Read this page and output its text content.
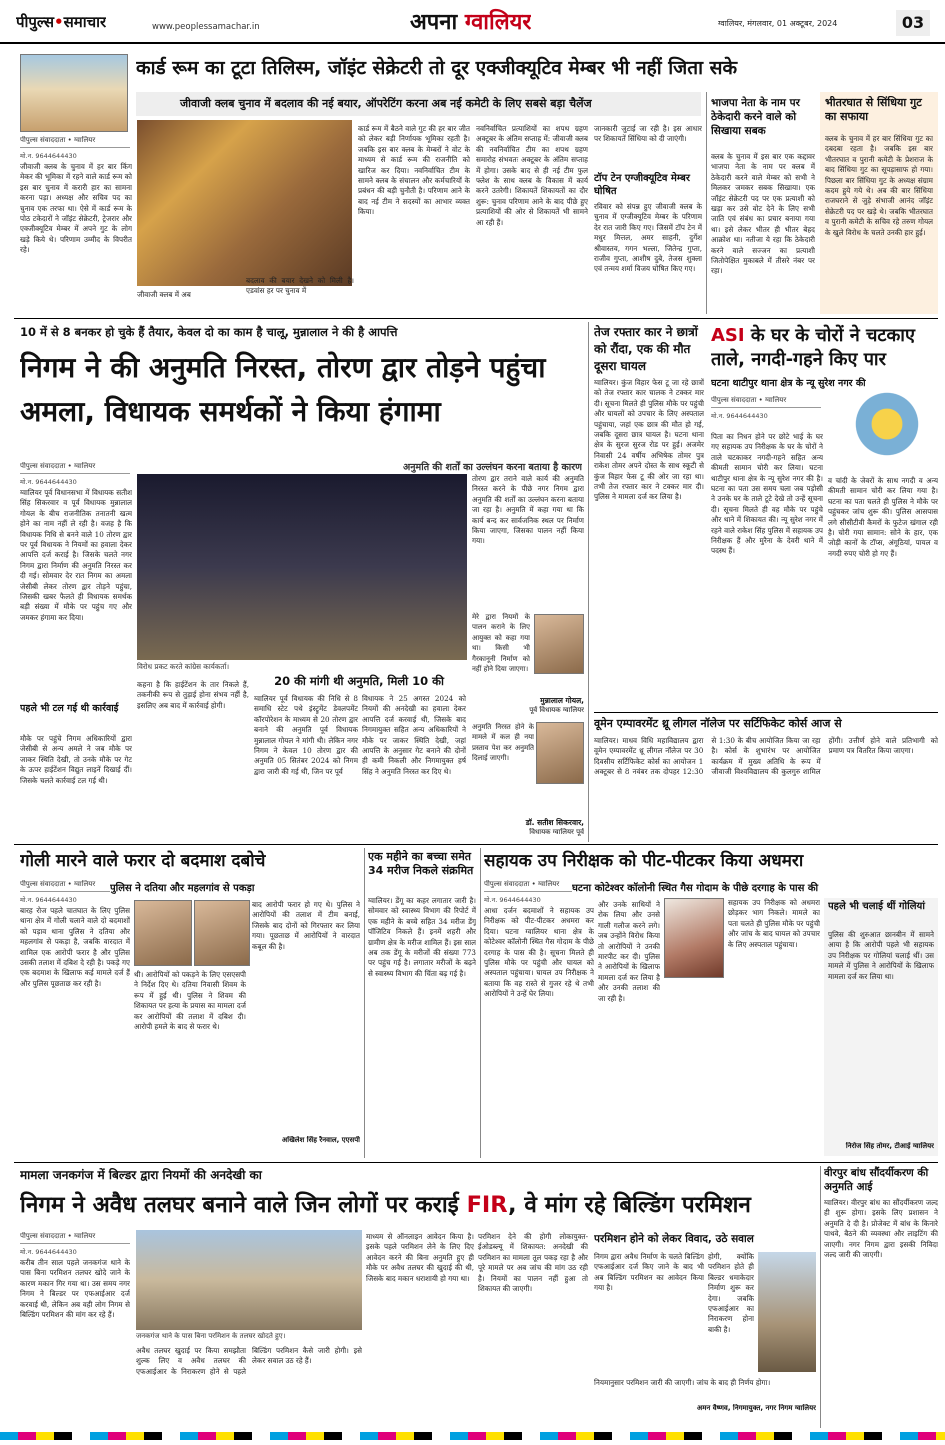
पीपुल्स•समाचार	www.peoplessamachar.in	अपना ग्वालियर	ग्वालियर, मंगलवार, 01 अक्टूबर, 2024	03
कार्ड रूम का टूटा तिलिस्म, जॉइंट सेक्रेटरी तो दूर एक्जीक्यूटिव मेम्बर भी नहीं जिता सके
जीवाजी क्लब चुनाव में बदलाव की नई बयार, ऑपरेटिंग करना अब नई कमेटी के लिए सबसे बड़ा चैलेंज
पीपुल्स संवाददाता • ग्वालियर
मो.न. 9644644430
जीवाजी क्लब के चुनाव में हर बार किंग मेकर की भूमिका में रहने वाले कार्ड रूम को इस बार चुनाव में करारी हार का सामना करना पड़ा। अध्यक्ष और सचिव पद का चुनाव एक तरफा था। ऐसे में कार्ड रूम के पोठ टकेदारों ने जॉइंट सेक्रेटरी, ट्रेजरार और एक्जीक्यूटिव मेम्बर में अपने गुट के लोग खड़े किये थे। परिणाम उम्मीद के विपरीत रहे।
जीवाजी क्लब में अब
बदलाव की बयार देखने को मिली है। एडवांस हर पर चुनाव में
कार्ड रूम में बैठने वाले गुट की हर बार जीत को लेकर बड़ी निर्णायक भूमिका रहती है। जबकि इस बार क्लब के मेम्बरों ने वोट के माध्यम से कार्ड रूम की राजनीति को खारिज कर दिया। नवनिर्वाचित टीम के सामने क्लब के संचालन और कर्मचारियों के प्रबंधन की बड़ी चुनौती है। परिणाम आने के बाद नई टीम ने सदस्यों का आभार व्यक्त किया।
नवनिर्वाचित प्रत्याशियों का शपथ ग्रहण अक्टूबर के अंतिम सप्ताह में: जीवाजी क्लब की नवनिर्वाचित टीम का शपथ ग्रहण समारोह संभवतः अक्टूबर के अंतिम सप्ताह में होगा। उसके बाद से ही नई टीम फुल फ्लेश के साथ क्लब के विकास में कार्य करने उतरेगी। शिकायतें शिकायतों का दौर शुरू: चुनाव परिणाम आने के बाद पीछे हुए प्रत्याशियों की ओर से शिकायतें भी सामने आ रही हैं।
जानकारी जुटाई जा रही है। इस आधार पर शिकायतें सिंधिया को दी जाएंगी।
टॉप टेन एग्जीक्यूटिव मेम्बर घोषित
रविवार को संपन्न हुए जीवाजी क्लब के चुनाव में एग्जीक्यूटिव मेम्बर के परिणाम देर रात जारी किए गए। जिसमें टॉप टेन में मधुर मित्तल, अमर साहनी, दुर्गेश श्रीवास्तव, गगन भल्ला, जितेन्द्र गुप्ता, राजीव गुप्ता, आशीष दुबे, तेजस शुक्ला एवं तन्मय शर्मा विजय घोषित किए गए।
भाजपा नेता के नाम पर ठेकेदारी करने वाले को सिखाया सबक
क्लब के चुनाव में इस बार एक कद्दावर भाजपा नेता के नाम पर क्लब में ठेकेदारी करने वाले मेम्बर को सभी ने मिलकर जमकर सबक सिखाया। एक जॉइंट सेक्रेटरी पद पर एक प्रत्याशी को खड़ा कर उसे वोट देने के लिए सभी जाति एवं संबंध का प्रचार बनाया गया था। इसे लेकर भीतर ही भीतर बेहद आक्रोश था। नतीजा ये रहा कि ठेकेदारी करने वाले सज्जन का प्रत्याशी जितोपेक्षित मुकाबले में तीसरे नंबर पर रहा।
भीतरघात से सिंधिया गुट का सफाया
क्लब के चुनाव में हर बार सिंधिया गुट का दबदबा रहता है। जबकि इस बार भीतरघात व पुरानी कमेटी के प्रेशराज के बाद सिंधिया गुट का सूपड़ासाफ हो गया। पिछला बार सिंधिया गुट के अध्यक्ष संग्राम कदम हुये गये थे। अब की बार सिंधिया राजघराने से जुड़े संभाजी आनंद जॉइंट सेक्रेटरी पद पर खड़े थे। जबकि भीतरघात व पुरानी कमेटी के सचिव रहे तरुण गोयल के खुले विरोध के चलते उनकी हार हुई।
10 में से 8 बनकर हो चुके हैं तैयार, केवल दो का काम है चालू, मुन्नालाल ने की है आपत्ति
निगम ने की अनुमति निरस्त, तोरण द्वार तोड़ने पहुंचा अमला, विधायक समर्थकों ने किया हंगामा
पीपुल्स संवाददाता • ग्वालियर
मो.न. 9644644430
ग्वालियर पूर्व विधानसभा में विधायक सतीश सिंह सिकरवार व पूर्व विधायक मुन्नालाल गोयल के बीच राजनीतिक तनातनी खत्म होने का नाम नहीं ले रही है। वजह है कि विधायक निधि से बनने वाले 10 तोरण द्वार पर पूर्व विधायक ने नियमों का हवाला देकर आपत्ति दर्ज कराई है। जिसके चलते नगर निगम द्वारा निर्माण की अनुमति निरस्त कर दी गई। सोमवार देर रात निगम का अमला जेसीबी लेकर तोरण द्वार तोड़ने पहुंचा, जिसकी खबर फैलते ही विधायक समर्थक बड़ी संख्या में मौके पर पहुंच गए और जमकर हंगामा कर दिया।
पहले भी टल गई थी कार्रवाई
मौके पर पहुंचे निगम अधिकारियों द्वारा जेसीबी से अन्य अमले ने जब मौके पर जाकर स्थिति देखी, तो उनके मौके पर गेट के ऊपर हाईटेंशन विद्युत लाइनें दिखाई दीं। जिसके चलते कार्रवाई टल गई थी।
अनुमति की शर्तों का उल्लंघन करना बताया है कारण
विरोध प्रकट करते कांग्रेस कार्यकर्ता।
कहना है कि हाईटेंशन के तार निकले हैं, तकनीकी रूप से तुड़ाई होना संभव नहीं है, इसलिए अब बाद में कार्रवाई होगी।
20 की मांगी थी अनुमति, मिली 10 की
ग्वालियर पूर्व विधायक की निधि से 8 समाधि स्टेट पथे इंस्ट्रुमेंट डेवलपमेंट कॉरपोरेशन के माध्यम से 20 तोरण द्वार बनाने की अनुमति पूर्व विधायक मुन्नालाल गोयल ने मांगी थी। लेकिन नगर निगम ने केवल 10 तोरण द्वार की अनुमति 05 सितंबर 2024 को निगम द्वारा जारी की गई थी, जिन पर पूर्व
विधायक ने 25 अगस्त 2024 को नियमों की अनदेखी का हवाला देकर आपत्ति दर्ज करवाई थी, जिसके बाद निगमायुक्त सहित अन्य अधिकारियों ने मौके पर जाकर स्थिति देखी, जहां आपत्ति के अनुसार गेट बनाने की दोनों ही कमी निकली और निगमायुक्त हर्ष सिंह ने अनुमति निरस्त कर दिए थे।
तोरण द्वार तराने वाले कार्य की अनुमति निरस्त करने के पीछे नगर निगम द्वारा अनुमति की शर्तों का उल्लंघन करना बताया जा रहा है। अनुमति में कहा गया था कि कार्य बन्द कर सार्वजनिक स्थल पर निर्माण किया जाएगा, जिसका पालन नहीं किया गया।
मेरे द्वारा नियमों के पालन कराने के लिए आयुक्त को कहा गया था। किसी भी गैरकानूनी निर्माण को नहीं होने दिया जाएगा।
मुन्नालाल गोयल,
पूर्व विधायक ग्वालियर
अनुमति निरस्त होने के मामले में कल ही नया प्रस्ताव पेश कर अनुमति दिलाई जाएगी।
डॉ. सतीश सिकरवार,
विधायक ग्वालियर पूर्व
तेज रफ्तार कार ने छात्रों को रौंदा, एक की मौत दूसरा घायल
ग्वालियर। कुंज विहार फेस टू जा रहे छात्रों को तेज रफ्तार कार चालक ने टक्कर मार दी। सूचना मिलते ही पुलिस मौके पर पहुंची और घायलों को उपचार के लिए अस्पताल पहुंचाया, जहां एक छात्र की मौत हो गई, जबकि दूसरा छात्र घायल है। घटना थाना क्षेत्र के सुरज सुरज रोड पर हुई। अजमेर निवासी 24 वर्षीय अभिषेक तोमर पुत्र राकेश तोमर अपने दोस्त के साथ स्कूटी से कुंज विहार फेस टू की ओर जा रहा था। तभी तेज रफ्तार कार ने टक्कर मार दी। पुलिस ने मामला दर्ज कर लिया है।
ASI के घर के चोरों ने चटकाए ताले, नगदी-गहने किए पार
घटना थाटीपुर थाना क्षेत्र के न्यू सुरेश नगर की
पीपुल्स संवाददाता • ग्वालियर
मो.न. 9644644430
पिता का निधन होने पर छोटे भाई के घर गए सहायक उप निरीक्षक के घर के चोरों ने ताले चटकाकर नगदी-गहने सहित अन्य कीमती सामान चोरी कर लिया। घटना थाटीपुर थाना क्षेत्र के न्यू सुरेश नगर की है। घटना का पता उस समय चला जब पड़ोसी ने उनके घर के ताले टूटे देखे तो उन्हें सूचना दी। सूचना मिलते ही वह मौके पर पहुंचे और थाने में शिकायत की। न्यू सुरेश नगर में रहने वाले राकेश सिंह पुलिस में सहायक उप निरीक्षक हैं और मुरैना के देवरी थाने में पदस्थ हैं।
व चांदी के जेवरों के साथ नगदी व अन्य कीमती सामान चोरी कर लिया गया है। घटना का पता चलते ही पुलिस ने मौके पर पहुंचकर जांच शुरू की। पुलिस आसपास लगे सीसीटीवी कैमरों के फुटेज खंगाल रही है। चोरी गया सामान: सोने के हार, एक जोड़ी कानों के टॉप्स, अंगूठियां, पायल व नगदी रुपए चोरी हो गए हैं।
वूमेन एम्पावरमेंट थ्रू लीगल नॉलेज पर सर्टिफिकेट कोर्स आज से
ग्वालियर। माधव विधि महाविद्यालय द्वारा वूमेन एम्पावरमेंट थ्रू लीगल नॉलेज पर 30 दिवसीय सर्टिफिकेट कोर्स का आयोजन 1 अक्टूबर से 8 नवंबर तक दोपहर 12:30 से 1:30 के बीच आयोजित किया जा रहा है। कोर्स के शुभारंभ पर आयोजित कार्यक्रम में मुख्य अतिथि के रूप में जीवाजी विश्वविद्यालय की कुलगुरु शामिल होंगी। उत्तीर्ण होने वाले प्रतिभागी को प्रमाण पत्र वितरित किया जाएगा।
गोली मारने वाले फरार दो बदमाश दबोचे
पुलिस ने दतिया और महलगांव से पकड़ा
पीपुल्स संवाददाता • ग्वालियर
मो.न. 9644644430
बारह रोज पहले चातघात के लिए पुलिस थाना क्षेत्र में गोली चलाने वाले दो बदमाशों को पड़ाव थाना पुलिस ने दतिया और महलगांव से पकड़ा है, जबकि वारदात में शामिल एक आरोपी फरार है और पुलिस उसकी तलाश में दबिश दे रही है। पकड़े गए एक बदमाश के खिलाफ कई मामले दर्ज हैं और पुलिस पूछताछ कर रही है।
थी। आरोपियों को पकड़ने के लिए एसएसपी ने निर्देश दिए थे। दतिया निवासी शिवम के रूप में हुई थी। पुलिस ने शिवम की शिकायत पर हत्या के प्रयास का मामला दर्ज कर आरोपियों की तलाश में दबिश दी। आरोपी हमले के बाद से फरार थे।
बाद आरोपी फरार हो गए थे। पुलिस ने आरोपियों की तलाश में टीम बनाई, जिसके बाद दोनों को गिरफ्तार कर लिया गया। पूछताछ में आरोपियों ने वारदात कबूल की है।
अखिलेश सिंह रैनवाल, एएसपी
एक महीने का बच्चा समेत 34 मरीज निकले संक्रमित
ग्वालियर। डेंगू का कहर लगातार जारी है। सोमवार को स्वास्थ्य विभाग की रिपोर्ट में एक महीने के बच्चे सहित 34 मरीज डेंगू पॉजिटिव निकले हैं। इनमें शहरी और ग्रामीण क्षेत्र के मरीज शामिल हैं। इस साल अब तक डेंगू के मरीजों की संख्या 773 पर पहुंच गई है। लगातार मरीजों के बढ़ने से स्वास्थ्य विभाग की चिंता बढ़ गई है।
सहायक उप निरीक्षक को पीट-पीटकर किया अधमरा
घटना कोटेश्वर कॉलोनी स्थित गैस गोदाम के पीछे दरगाह के पास की
पीपुल्स संवाददाता • ग्वालियर
मो.न. 9644644430
आधा दर्जन बदमाशों ने सहायक उप निरीक्षक को पीट-पीटकर अधमरा कर दिया। घटना ग्वालियर थाना क्षेत्र के कोटेश्वर कॉलोनी स्थित गैस गोदाम के पीछे दरगाह के पास की है। सूचना मिलते ही पुलिस मौके पर पहुंची और घायल को अस्पताल पहुंचाया। घायल उप निरीक्षक ने बताया कि वह रास्ते से गुजर रहे थे तभी आरोपियों ने उन्हें घेर लिया।
और उनके साथियों ने रोक लिया और उनसे गाली गलौज करने लगे। जब उन्होंने विरोध किया तो आरोपियों ने उनकी मारपीट कर दी। पुलिस ने आरोपियों के खिलाफ मामला दर्ज कर लिया है और उनकी तलाश की जा रही है।
सहायक उप निरीक्षक को अधमरा छोड़कर भाग निकले। मामले का पता चलते ही पुलिस मौके पर पहुंची और जांच के बाद घायल को उपचार के लिए अस्पताल पहुंचाया।
पहले भी चलाई थीं गोलियां
पुलिस की शुरुआत छानबीन में सामने आया है कि आरोपी पहले भी सहायक उप निरीक्षक पर गोलियां चलाई थीं। उस मामले में पुलिस ने आरोपियों के खिलाफ मामला दर्ज कर लिया था।
निरोज सिंह तोमर, टीआई ग्वालियर
मामला जनकगंज में बिल्डर द्वारा नियमों की अनदेखी का
निगम ने अवैध तलघर बनाने वाले जिन लोगों पर कराई FIR, वे मांग रहे बिल्डिंग परमिशन
पीपुल्स संवाददाता • ग्वालियर
मो.न. 9644644430
करीब तीन साल पहले जनकगंज थाने के पास बिना परमिशन तलघर खोदे जाने के कारण मकान गिर गया था। उस समय नगर निगम ने बिल्डर पर एफआईआर दर्ज करवाई थी, लेकिन अब वही लोग निगम से बिल्डिंग परमिशन की मांग कर रहे हैं।
जनकगंज थाने के पास बिना परमिशन के तलघर खोदते हुए।
अवैध तलघर खुदाई पर किया समझौता शुल्क लिए व अवैध तलघर की एफआईआर के निराकरण होने से पहले बिल्डिंग परमिशन कैसे जारी होगी। इसे लेकर सवाल उठ रहे हैं।
माध्यम से ऑनलाइन आवेदन किया है। इसके पहले परमिशन लेने के लिए दिए आवेदन करने की बिना अनुमति हुए ही मौके पर अवैध तलघर की खुदाई की थी, जिसके बाद मकान धराशायी हो गया था।
परमिशन देने की होगी लोकायुक्त-ईओडब्ल्यू में शिकायत: अनदेखी की परमिशन का मामला तूल पकड़ रहा है और पूरे मामले पर अब जांच की मांग उठ रही है। नियमों का पालन नहीं हुआ तो शिकायत की जाएगी।
परमिशन होने को लेकर विवाद, उठे सवाल
निगम द्वारा अवैध निर्माण के चलते बिल्डिंग एफआईआर दर्ज किए जाने के बाद भी अब बिल्डिंग परमिशन का आवेदन किया गया है।
होगी, क्योंकि परमिशन होते ही बिल्डर धमाकेदार निर्माण शुरू कर देगा। जबकि एफआईआर का निराकरण होना बाकी है।
नियमानुसार परमिशन जारी की जाएगी। जांच के बाद ही निर्णय होगा।
अमन वैष्णव, निगमायुक्त, नगर निगम ग्वालियर
वीरपुर बांध सौंदर्यीकरण की अनुमति आई
ग्वालियर। वीरपुर बांध का सौंदर्यीकरण जल्द ही शुरू होगा। इसके लिए प्रशासन ने अनुमति दे दी है। प्रोजेक्ट में बांध के किनारे पाथवे, बैठने की व्यवस्था और लाइटिंग की जाएगी। नगर निगम द्वारा इसकी निविदा जल्द जारी की जाएगी।
